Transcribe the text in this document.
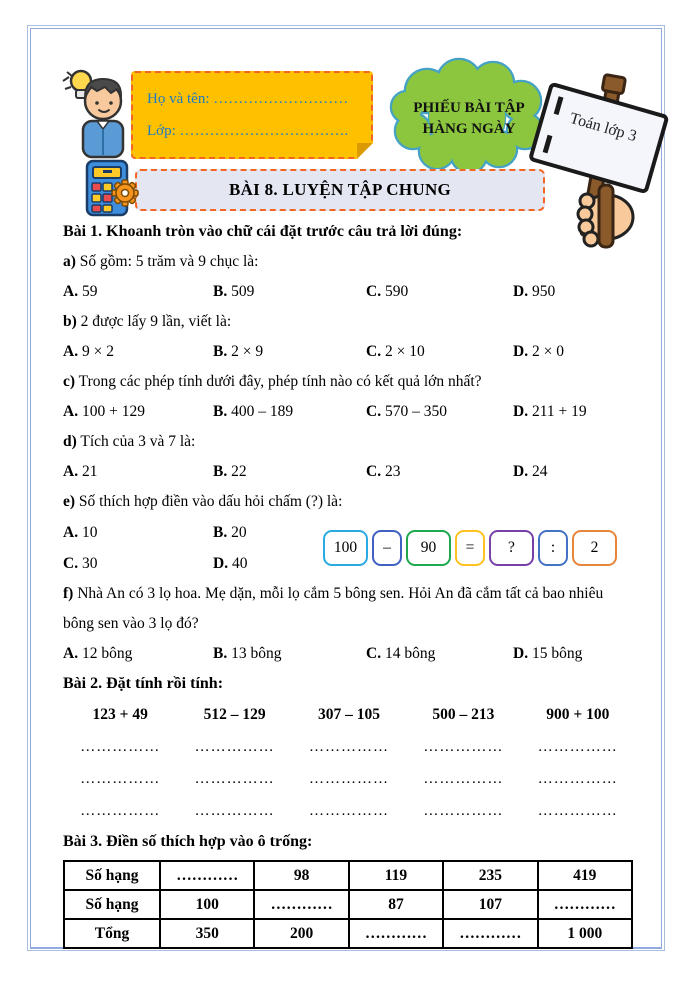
Họ và tên: ………………………
Lớp: …………………………….
PHIẾU BÀI TẬP
HÀNG NGÀY	Toán lớp 3
BÀI 8. LUYỆN TẬP CHUNG
Bài 1. Khoanh tròn vào chữ cái đặt trước câu trả lời đúng:
a) Số gồm: 5 trăm và 9 chục là:
A. 59	B. 509	C. 590	D. 950
b) 2 được lấy 9 lần, viết là:
A. 9 × 2	B. 2 × 9	C. 2 × 10	D. 2 × 0
c) Trong các phép tính dưới đây, phép tính nào có kết quả lớn nhất?
A. 100 + 129	B. 400 – 189	C. 570 – 350	D. 211 + 19
d) Tích của 3 và 7 là:
A. 21	B. 22	C. 23	D. 24
e) Số thích hợp điền vào dấu hỏi chấm (?) là:
A. 10	B. 20
C. 30	D. 40
100 – 90 = ? : 2
f) Nhà An có 3 lọ hoa. Mẹ dặn, mỗi lọ cắm 5 bông sen. Hỏi An đã cắm tất cả bao nhiêu bông sen vào 3 lọ đó?
A. 12 bông	B. 13 bông	C. 14 bông	D. 15 bông
Bài 2. Đặt tính rồi tính:
123 + 49	512 – 129	307 – 105	500 – 213	900 + 100
……………	……………	……………	……………	……………
……………	……………	……………	……………	……………
……………	……………	……………	……………	……………
Bài 3. Điền số thích hợp vào ô trống:
Số hạng	…………	98	119	235	419
Số hạng	100	…………	87	107	…………
Tổng	350	200	…………	…………	1 000
